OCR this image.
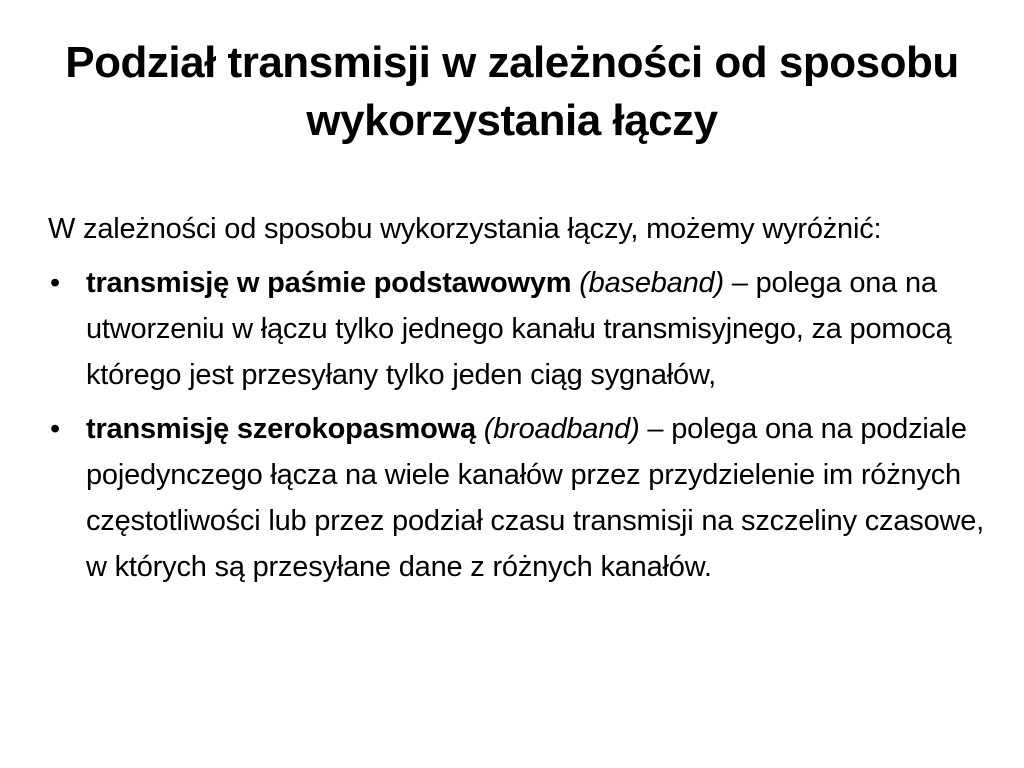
Podział transmisji w zależności od sposobu wykorzystania łączy

W zależności od sposobu wykorzystania łączy, możemy wyróżnić:

• transmisję w paśmie podstawowym (baseband) – polega ona na utworzeniu w łączu tylko jednego kanału transmisyjnego, za pomocą którego jest przesyłany tylko jeden ciąg sygnałów,
• transmisję szerokopasmową (broadband) – polega ona na podziale pojedynczego łącza na wiele kanałów przez przydzielenie im różnych częstotliwości lub przez podział czasu transmisji na szczeliny czasowe, w których są przesyłane dane z różnych kanałów.
